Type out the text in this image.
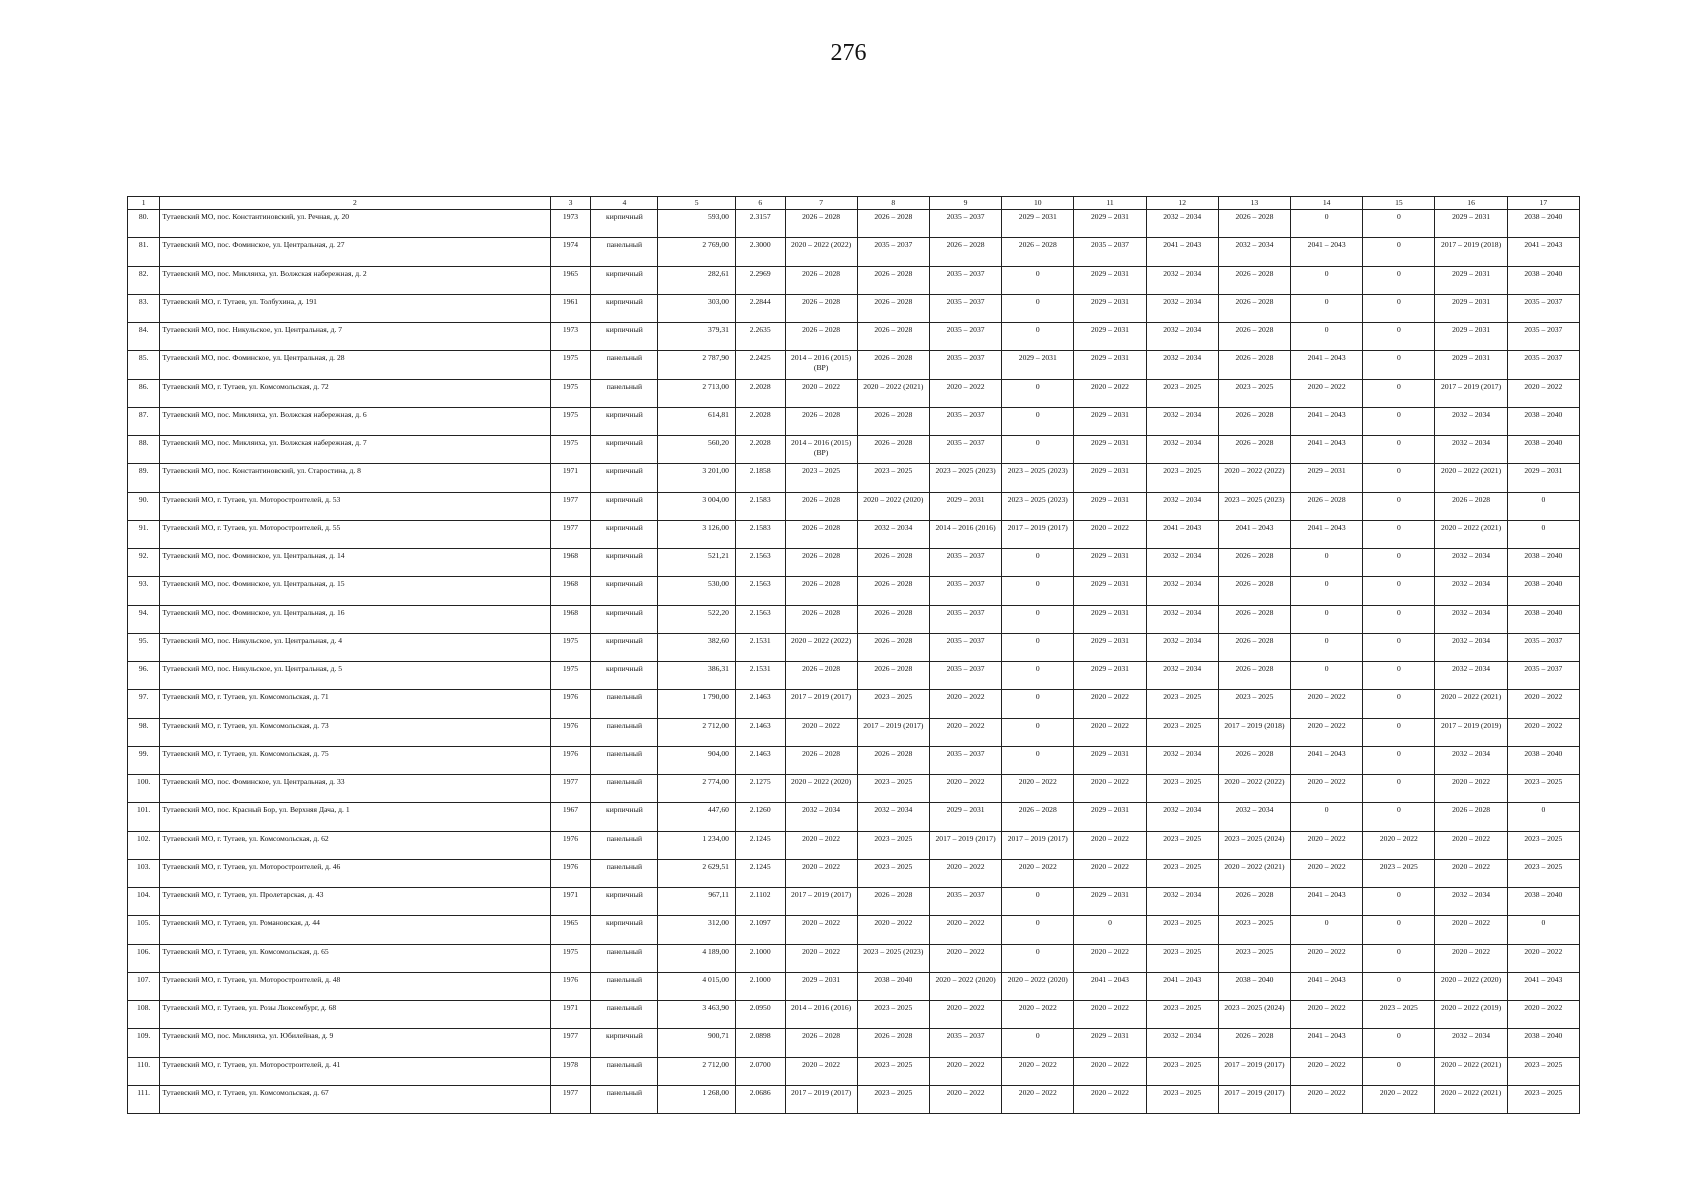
276
1	2	3	4	5	6	7	8	9	10	11	12	13	14	15	16	17
80.	Тутаевский МО, пос. Константиновский, ул. Речная, д. 20	1973	кирпичный	593,00	2.3157	2026 – 2028	2026 – 2028	2035 – 2037	2029 – 2031	2029 – 2031	2032 – 2034	2026 – 2028	0	0	2029 – 2031	2038 – 2040
81.	Тутаевский МО, пос. Фоминское, ул. Центральная, д. 27	1974	панельный	2 769,00	2.3000	2020 – 2022 (2022)	2035 – 2037	2026 – 2028	2026 – 2028	2035 – 2037	2041 – 2043	2032 – 2034	2041 – 2043	0	2017 – 2019 (2018)	2041 – 2043
82.	Тутаевский МО, пос. Микляиха, ул. Волжская набережная, д. 2	1965	кирпичный	282,61	2.2969	2026 – 2028	2026 – 2028	2035 – 2037	0	2029 – 2031	2032 – 2034	2026 – 2028	0	0	2029 – 2031	2038 – 2040
83.	Тутаевский МО, г. Тутаев, ул. Толбухина, д. 191	1961	кирпичный	303,00	2.2844	2026 – 2028	2026 – 2028	2035 – 2037	0	2029 – 2031	2032 – 2034	2026 – 2028	0	0	2029 – 2031	2035 – 2037
84.	Тутаевский МО, пос. Никульское, ул. Центральная, д. 7	1973	кирпичный	379,31	2.2635	2026 – 2028	2026 – 2028	2035 – 2037	0	2029 – 2031	2032 – 2034	2026 – 2028	0	0	2029 – 2031	2035 – 2037
85.	Тутаевский МО, пос. Фоминское, ул. Центральная, д. 28	1975	панельный	2 787,90	2.2425	2014 – 2016 (2015) (ВР)	2026 – 2028	2035 – 2037	2029 – 2031	2029 – 2031	2032 – 2034	2026 – 2028	2041 – 2043	0	2029 – 2031	2035 – 2037
86.	Тутаевский МО, г. Тутаев, ул. Комсомольская, д. 72	1975	панельный	2 713,00	2.2028	2020 – 2022	2020 – 2022 (2021)	2020 – 2022	0	2020 – 2022	2023 – 2025	2023 – 2025	2020 – 2022	0	2017 – 2019 (2017)	2020 – 2022
87.	Тутаевский МО, пос. Микляиха, ул. Волжская набережная, д. 6	1975	кирпичный	614,81	2.2028	2026 – 2028	2026 – 2028	2035 – 2037	0	2029 – 2031	2032 – 2034	2026 – 2028	2041 – 2043	0	2032 – 2034	2038 – 2040
88.	Тутаевский МО, пос. Микляиха, ул. Волжская набережная, д. 7	1975	кирпичный	560,20	2.2028	2014 – 2016 (2015) (ВР)	2026 – 2028	2035 – 2037	0	2029 – 2031	2032 – 2034	2026 – 2028	2041 – 2043	0	2032 – 2034	2038 – 2040
89.	Тутаевский МО, пос. Константиновский, ул. Старостина, д. 8	1971	кирпичный	3 201,00	2.1858	2023 – 2025	2023 – 2025	2023 – 2025 (2023)	2023 – 2025 (2023)	2029 – 2031	2023 – 2025	2020 – 2022 (2022)	2029 – 2031	0	2020 – 2022 (2021)	2029 – 2031
90.	Тутаевский МО, г. Тутаев, ул. Моторостроителей, д. 53	1977	кирпичный	3 004,00	2.1583	2026 – 2028	2020 – 2022 (2020)	2029 – 2031	2023 – 2025 (2023)	2029 – 2031	2032 – 2034	2023 – 2025 (2023)	2026 – 2028	0	2026 – 2028	0
91.	Тутаевский МО, г. Тутаев, ул. Моторостроителей, д. 55	1977	кирпичный	3 126,00	2.1583	2026 – 2028	2032 – 2034	2014 – 2016 (2016)	2017 – 2019 (2017)	2020 – 2022	2041 – 2043	2041 – 2043	2041 – 2043	0	2020 – 2022 (2021)	0
92.	Тутаевский МО, пос. Фоминское, ул. Центральная, д. 14	1968	кирпичный	521,21	2.1563	2026 – 2028	2026 – 2028	2035 – 2037	0	2029 – 2031	2032 – 2034	2026 – 2028	0	0	2032 – 2034	2038 – 2040
93.	Тутаевский МО, пос. Фоминское, ул. Центральная, д. 15	1968	кирпичный	530,00	2.1563	2026 – 2028	2026 – 2028	2035 – 2037	0	2029 – 2031	2032 – 2034	2026 – 2028	0	0	2032 – 2034	2038 – 2040
94.	Тутаевский МО, пос. Фоминское, ул. Центральная, д. 16	1968	кирпичный	522,20	2.1563	2026 – 2028	2026 – 2028	2035 – 2037	0	2029 – 2031	2032 – 2034	2026 – 2028	0	0	2032 – 2034	2038 – 2040
95.	Тутаевский МО, пос. Никульское, ул. Центральная, д. 4	1975	кирпичный	382,60	2.1531	2020 – 2022 (2022)	2026 – 2028	2035 – 2037	0	2029 – 2031	2032 – 2034	2026 – 2028	0	0	2032 – 2034	2035 – 2037
96.	Тутаевский МО, пос. Никульское, ул. Центральная, д. 5	1975	кирпичный	386,31	2.1531	2026 – 2028	2026 – 2028	2035 – 2037	0	2029 – 2031	2032 – 2034	2026 – 2028	0	0	2032 – 2034	2035 – 2037
97.	Тутаевский МО, г. Тутаев, ул. Комсомольская, д. 71	1976	панельный	1 790,00	2.1463	2017 – 2019 (2017)	2023 – 2025	2020 – 2022	0	2020 – 2022	2023 – 2025	2023 – 2025	2020 – 2022	0	2020 – 2022 (2021)	2020 – 2022
98.	Тутаевский МО, г. Тутаев, ул. Комсомольская, д. 73	1976	панельный	2 712,00	2.1463	2020 – 2022	2017 – 2019 (2017)	2020 – 2022	0	2020 – 2022	2023 – 2025	2017 – 2019 (2018)	2020 – 2022	0	2017 – 2019 (2019)	2020 – 2022
99.	Тутаевский МО, г. Тутаев, ул. Комсомольская, д. 75	1976	панельный	904,00	2.1463	2026 – 2028	2026 – 2028	2035 – 2037	0	2029 – 2031	2032 – 2034	2026 – 2028	2041 – 2043	0	2032 – 2034	2038 – 2040
100.	Тутаевский МО, пос. Фоминское, ул. Центральная, д. 33	1977	панельный	2 774,00	2.1275	2020 – 2022 (2020)	2023 – 2025	2020 – 2022	2020 – 2022	2020 – 2022	2023 – 2025	2020 – 2022 (2022)	2020 – 2022	0	2020 – 2022	2023 – 2025
101.	Тутаевский МО, пос. Красный Бор, ул. Верхняя Дача, д. 1	1967	кирпичный	447,60	2.1260	2032 – 2034	2032 – 2034	2029 – 2031	2026 – 2028	2029 – 2031	2032 – 2034	2032 – 2034	0	0	2026 – 2028	0
102.	Тутаевский МО, г. Тутаев, ул. Комсомольская, д. 62	1976	панельный	1 234,00	2.1245	2020 – 2022	2023 – 2025	2017 – 2019 (2017)	2017 – 2019 (2017)	2020 – 2022	2023 – 2025	2023 – 2025 (2024)	2020 – 2022	2020 – 2022	2020 – 2022	2023 – 2025
103.	Тутаевский МО, г. Тутаев, ул. Моторостроителей, д. 46	1976	панельный	2 629,51	2.1245	2020 – 2022	2023 – 2025	2020 – 2022	2020 – 2022	2020 – 2022	2023 – 2025	2020 – 2022 (2021)	2020 – 2022	2023 – 2025	2020 – 2022	2023 – 2025
104.	Тутаевский МО, г. Тутаев, ул. Пролетарская, д. 43	1971	кирпичный	967,11	2.1102	2017 – 2019 (2017)	2026 – 2028	2035 – 2037	0	2029 – 2031	2032 – 2034	2026 – 2028	2041 – 2043	0	2032 – 2034	2038 – 2040
105.	Тутаевский МО, г. Тутаев, ул. Романовская, д. 44	1965	кирпичный	312,00	2.1097	2020 – 2022	2020 – 2022	2020 – 2022	0	0	2023 – 2025	2023 – 2025	0	0	2020 – 2022	0
106.	Тутаевский МО, г. Тутаев, ул. Комсомольская, д. 65	1975	панельный	4 189,00	2.1000	2020 – 2022	2023 – 2025 (2023)	2020 – 2022	0	2020 – 2022	2023 – 2025	2023 – 2025	2020 – 2022	0	2020 – 2022	2020 – 2022
107.	Тутаевский МО, г. Тутаев, ул. Моторостроителей, д. 48	1976	панельный	4 015,00	2.1000	2029 – 2031	2038 – 2040	2020 – 2022 (2020)	2020 – 2022 (2020)	2041 – 2043	2041 – 2043	2038 – 2040	2041 – 2043	0	2020 – 2022 (2020)	2041 – 2043
108.	Тутаевский МО, г. Тутаев, ул. Розы Люксембург, д. 68	1971	панельный	3 463,90	2.0950	2014 – 2016 (2016)	2023 – 2025	2020 – 2022	2020 – 2022	2020 – 2022	2023 – 2025	2023 – 2025 (2024)	2020 – 2022	2023 – 2025	2020 – 2022 (2019)	2020 – 2022
109.	Тутаевский МО, пос. Микляиха, ул. Юбилейная, д. 9	1977	кирпичный	900,71	2.0898	2026 – 2028	2026 – 2028	2035 – 2037	0	2029 – 2031	2032 – 2034	2026 – 2028	2041 – 2043	0	2032 – 2034	2038 – 2040
110.	Тутаевский МО, г. Тутаев, ул. Моторостроителей, д. 41	1978	панельный	2 712,00	2.0700	2020 – 2022	2023 – 2025	2020 – 2022	2020 – 2022	2020 – 2022	2023 – 2025	2017 – 2019 (2017)	2020 – 2022	0	2020 – 2022 (2021)	2023 – 2025
111.	Тутаевский МО, г. Тутаев, ул. Комсомольская, д. 67	1977	панельный	1 268,00	2.0686	2017 – 2019 (2017)	2023 – 2025	2020 – 2022	2020 – 2022	2020 – 2022	2023 – 2025	2017 – 2019 (2017)	2020 – 2022	2020 – 2022	2020 – 2022 (2021)	2023 – 2025
